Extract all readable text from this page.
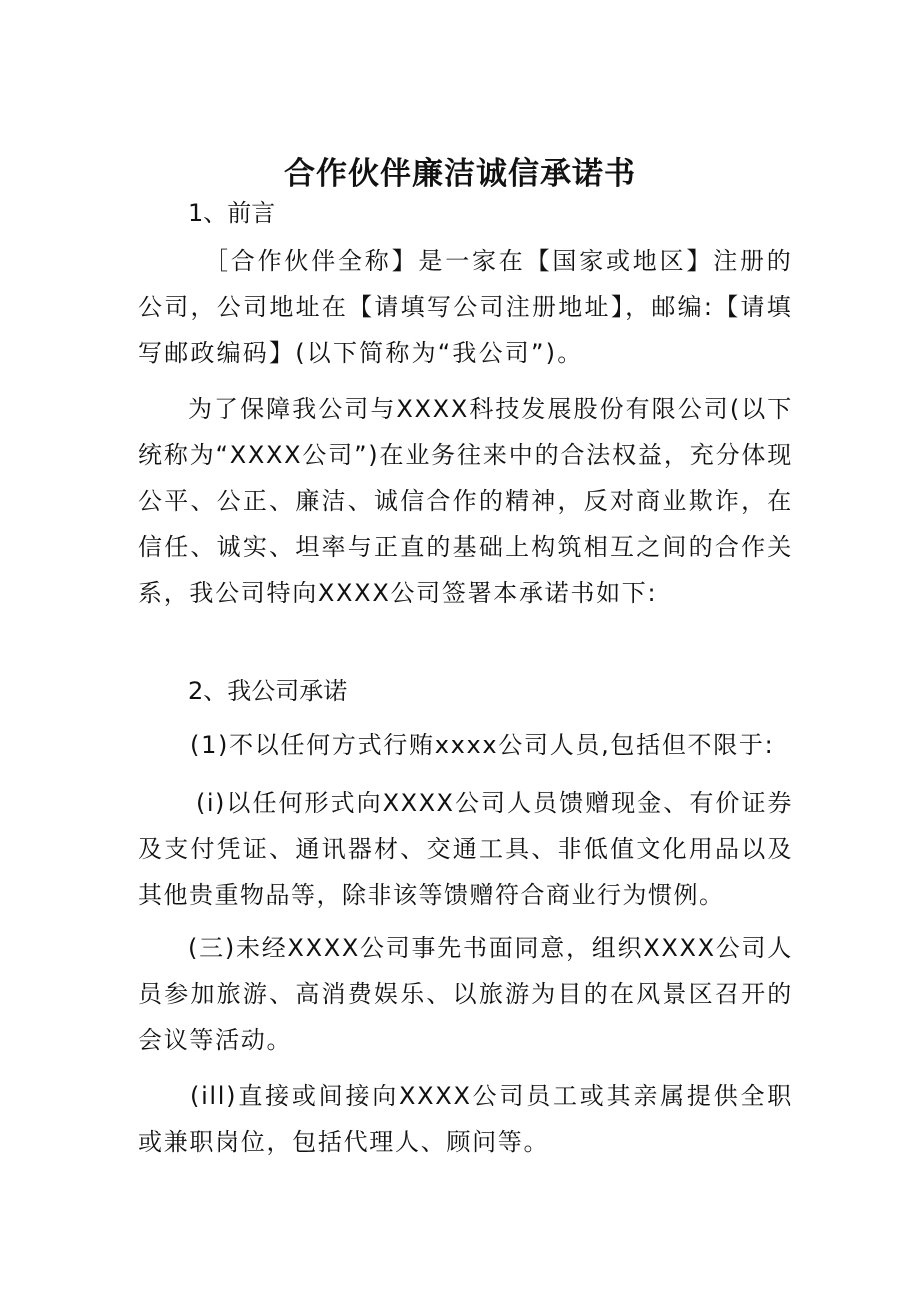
合作伙伴廉洁诚信承诺书
1、前言

［合作伙伴全称】是一家在【国家或地区】注册的公司，公司地址在【请填写公司注册地址】，邮编:【请填写邮政编码】(以下简称为“我公司”)。

为了保障我公司与XXXX科技发展股份有限公司(以下统称为“XXXX公司”)在业务往来中的合法权益，充分体现公平、公正、廉洁、诚信合作的精神，反对商业欺诈，在信任、诚实、坦率与正直的基础上构筑相互之间的合作关系，我公司特向XXXX公司签署本承诺书如下:

2、我公司承诺

(1)不以任何方式行贿xxxx公司人员,包括但不限于:

(i)以任何形式向XXXX公司人员馈赠现金、有价证券及支付凭证、通讯器材、交通工具、非低值文化用品以及其他贵重物品等，除非该等馈赠符合商业行为惯例。

(三)未经XXXX公司事先书面同意，组织XXXX公司人员参加旅游、高消费娱乐、以旅游为目的在风景区召开的会议等活动。

(ill)直接或间接向XXXX公司员工或其亲属提供全职或兼职岗位，包括代理人、顾问等。
